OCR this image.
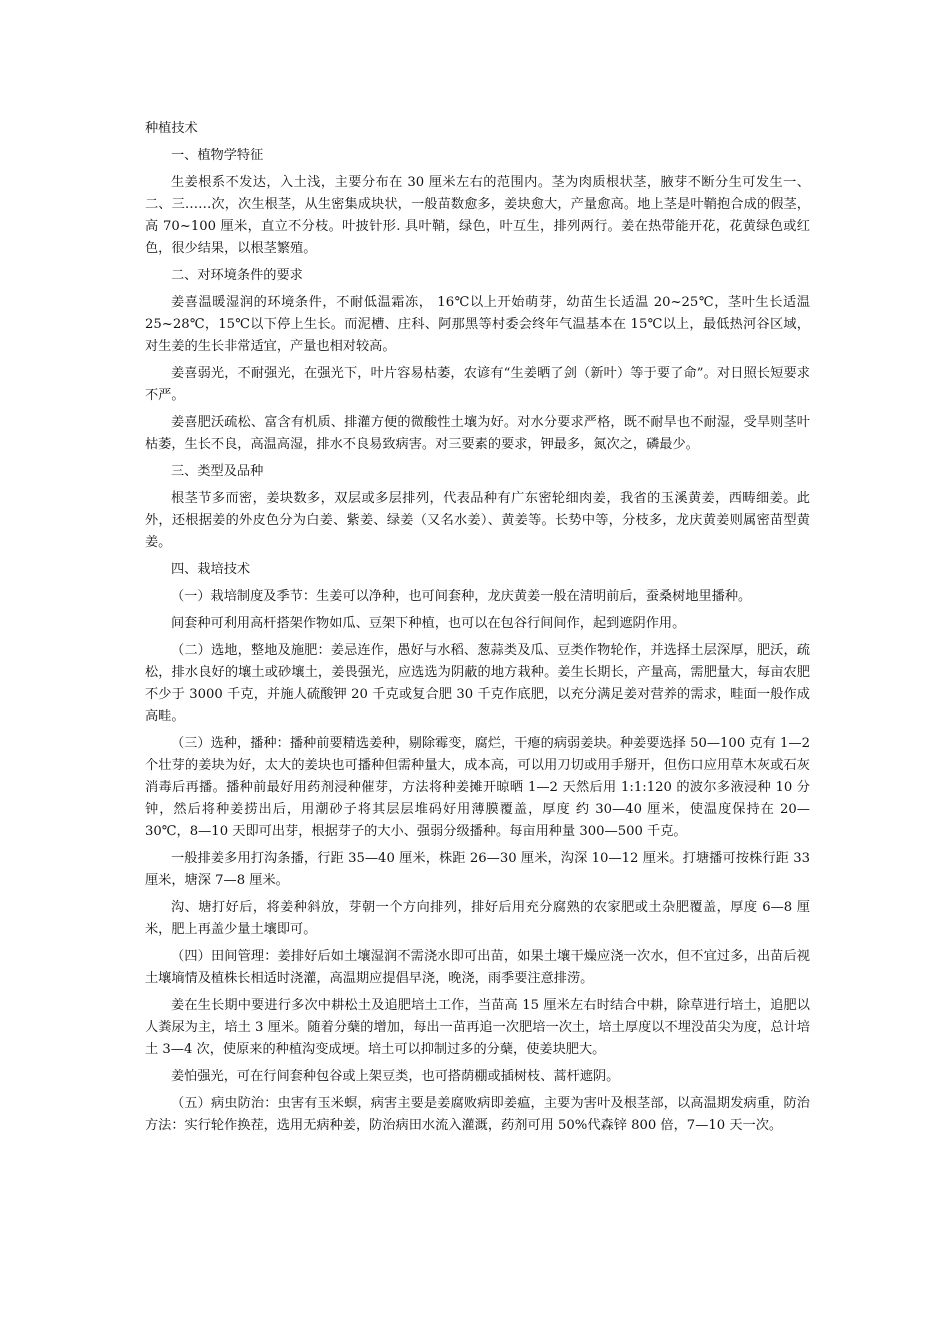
种植技术
一、植物学特征

生姜根系不发达，入土浅，主要分布在 30 厘米左右的范围内。茎为肉质根状茎，腋芽不断分生可发生一、二、三……次，次生根茎，从生密集成块状，一般苗数愈多，姜块愈大，产量愈高。地上茎是叶鞘抱合成的假茎，高 70~100 厘米，直立不分枝。叶披针形. 具叶鞘，绿色，叶互生，排列两行。姜在热带能开花，花黄绿色或红色，很少结果，以根茎繁殖。

二、对环境条件的要求

姜喜温暖湿润的环境条件，不耐低温霜冻， 16℃以上开始萌芽，幼苗生长适温 20~25℃，茎叶生长适温 25~28℃，15℃以下停上生长。而泥槽、庄科、阿那黑等村委会终年气温基本在 15℃以上，最低热河谷区域，对生姜的生长非常适宜，产量也相对较高。

姜喜弱光，不耐强光，在强光下，叶片容易枯萎，农谚有“生姜晒了剑（新叶）等于要了命”。对日照长短要求不严。

姜喜肥沃疏松、富含有机质、排灌方便的微酸性土壤为好。对水分要求严格，既不耐旱也不耐湿，受旱则茎叶枯萎，生长不良，高温高湿，排水不良易致病害。对三要素的要求，钾最多，氮次之，磷最少。

三、类型及品种

根茎节多而密，姜块数多，双层或多层排列，代表品种有广东密轮细肉姜，我省的玉溪黄姜，西畴细姜。此外，还根据姜的外皮色分为白姜、紫姜、绿姜（又名水姜）、黄姜等。长势中等，分枝多，龙庆黄姜则属密苗型黄姜。

四、栽培技术

（一）栽培制度及季节：生姜可以净种，也可间套种，龙庆黄姜一般在清明前后，蚕桑树地里播种。

间套种可利用高杆搭架作物如瓜、豆架下种植，也可以在包谷行间间作，起到遮阴作用。

（二）选地，整地及施肥：姜忌连作，愚好与水稻、葱蒜类及瓜、豆类作物轮作，并选择土层深厚，肥沃，疏松，排水良好的壤土或砂壤土，姜畏强光，应选选为阴蔽的地方栽种。姜生长期长，产量高，需肥量大，每亩农肥不少于 3000 千克，并施人硫酸钾 20 千克或复合肥 30 千克作底肥，以充分满足姜对营养的需求，畦面一般作成高畦。

（三）选种，播种：播种前要精选姜种，剔除霉变，腐烂，干瘪的病弱姜块。种姜要选择 50—100 克有 1—2 个壮芽的姜块为好，太大的姜块也可播种但需种量大，成本高，可以用刀切或用手掰开，但伤口应用草木灰或石灰消毒后再播。播种前最好用药剂浸种催芽，方法将种姜摊开晾晒 1—2 天然后用 1:1:120 的波尔多液浸种 10 分钟，然后将种姜捞出后，用潮砂子将其层层堆码好用薄膜覆盖，厚度 约 30—40 厘米，使温度保持在 20—30℃，8—10 天即可出芽，根据芽子的大小、强弱分级播种。每亩用种量 300—500 千克。

一般排姜多用打沟条播，行距 35—40 厘米，株距 26—30 厘米，沟深 10—12 厘米。打塘播可按株行距 33 厘米，塘深 7—8 厘米。

沟、塘打好后，将姜种斜放，芽朝一个方向排列，排好后用充分腐熟的农家肥或土杂肥覆盖，厚度 6—8 厘米，肥上再盖少量土壤即可。

（四）田间管理：姜排好后如土壤湿润不需浇水即可出苗，如果土壤干燥应浇一次水，但不宜过多，出苗后视土壤墒情及植株长相适时浇灌，高温期应提倡早浇，晚浇，雨季要注意排涝。

姜在生长期中要进行多次中耕松土及追肥培土工作，当苗高 15 厘米左右时结合中耕，除草进行培土，追肥以人粪尿为主，培土 3 厘米。随着分蘖的增加，每出一苗再追一次肥培一次土，培土厚度以不埋没苗尖为度，总计培土 3—4 次，使原来的种植沟变成埂。培土可以抑制过多的分蘖，使姜块肥大。

姜怕强光，可在行间套种包谷或上架豆类，也可搭荫棚或插树枝、蒿杆遮阴。

（五）病虫防治：虫害有玉米螟，病害主要是姜腐败病即姜瘟，主要为害叶及根茎部，以高温期发病重，防治方法：实行轮作换茬，选用无病种姜，防治病田水流入灌溉，药剂可用 50%代森锌 800 倍，7—10 天一次。
